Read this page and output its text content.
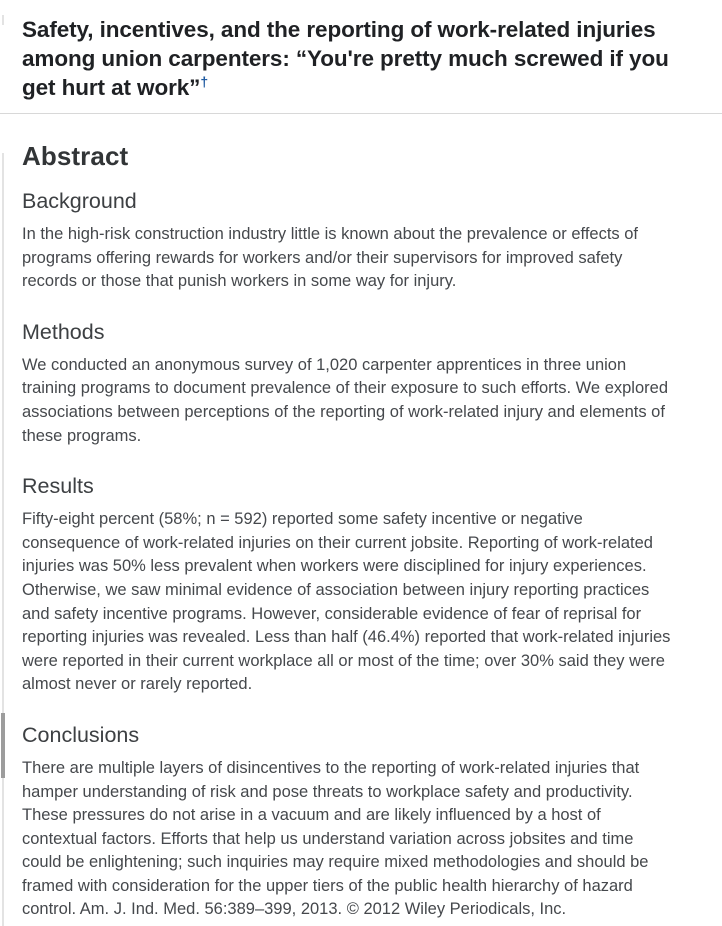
Safety, incentives, and the reporting of work-related injuries among union carpenters: “You're pretty much screwed if you get hurt at work”†
Abstract
Background

In the high-risk construction industry little is known about the prevalence or effects of programs offering rewards for workers and/or their supervisors for improved safety records or those that punish workers in some way for injury.

Methods

We conducted an anonymous survey of 1,020 carpenter apprentices in three union training programs to document prevalence of their exposure to such efforts. We explored associations between perceptions of the reporting of work-related injury and elements of these programs.

Results

Fifty-eight percent (58%; n = 592) reported some safety incentive or negative consequence of work-related injuries on their current jobsite. Reporting of work-related injuries was 50% less prevalent when workers were disciplined for injury experiences. Otherwise, we saw minimal evidence of association between injury reporting practices and safety incentive programs. However, considerable evidence of fear of reprisal for reporting injuries was revealed. Less than half (46.4%) reported that work-related injuries were reported in their current workplace all or most of the time; over 30% said they were almost never or rarely reported.

Conclusions

There are multiple layers of disincentives to the reporting of work-related injuries that hamper understanding of risk and pose threats to workplace safety and productivity. These pressures do not arise in a vacuum and are likely influenced by a host of contextual factors. Efforts that help us understand variation across jobsites and time could be enlightening; such inquiries may require mixed methodologies and should be framed with consideration for the upper tiers of the public health hierarchy of hazard control. Am. J. Ind. Med. 56:389–399, 2013. © 2012 Wiley Periodicals, Inc.
